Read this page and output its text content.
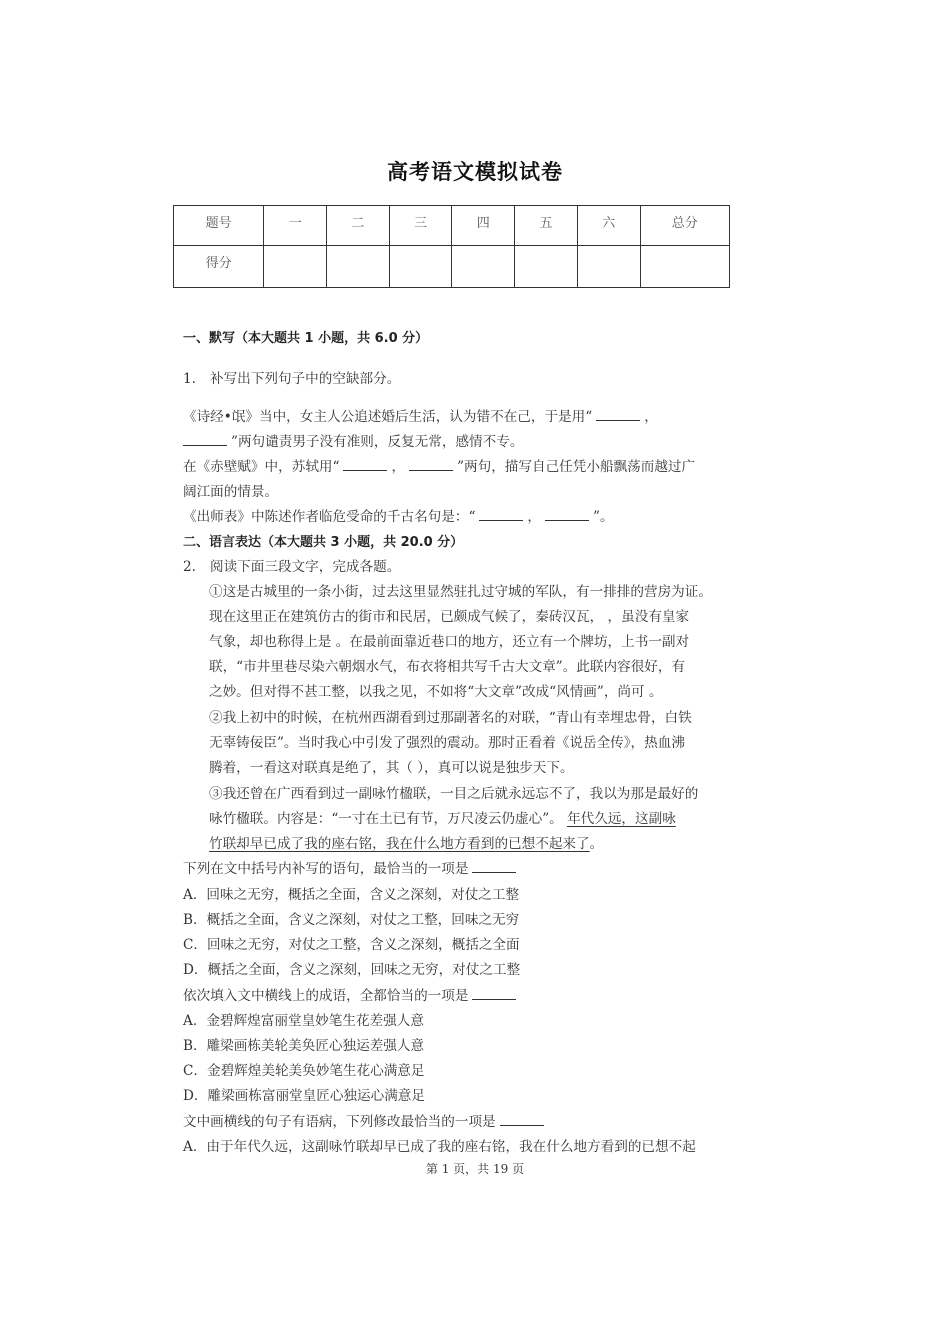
高考语文模拟试卷
题号	一	二	三	四	五	六	总分
得分							
一、默写（本大题共 1 小题，共 6.0 分）
1. 补写出下列句子中的空缺部分。
《诗经•氓》当中，女主人公追述婚后生活，认为错不在己，于是用“	，
”两句谴责男子没有准则，反复无常，感情不专。
在《赤壁赋》中，苏轼用“	，	”两句，描写自己任凭小船飘荡而越过广
阔江面的情景。
《出师表》中陈述作者临危受命的千古名句是：“	，	”。
二、语言表达（本大题共 3 小题，共 20.0 分）
2. 阅读下面三段文字，完成各题。
①这是古城里的一条小街，过去这里显然驻扎过守城的军队，有一排排的营房为证。
现在这里正在建筑仿古的街市和民居，已颇成气候了，秦砖汉瓦， ，虽没有皇家
气象，却也称得上是 。在最前面靠近巷口的地方，还立有一个牌坊，上书一副对
联，“市井里巷尽染六朝烟水气，布衣将相共写千古大文章”。此联内容很好，有
之妙。但对得不甚工整，以我之见，不如将“大文章”改成“风情画”，尚可 。
②我上初中的时候，在杭州西湖看到过那副著名的对联，“青山有幸埋忠骨，白铁
无辜铸佞臣”。当时我心中引发了强烈的震动。那时正看着《说岳全传》，热血沸
腾着，一看这对联真是绝了，其（ ），真可以说是独步天下。
③我还曾在广西看到过一副咏竹楹联，一目之后就永远忘不了，我以为那是最好的
咏竹楹联。内容是：“一寸在土已有节，万尺凌云仍虚心”。 年代久远，这副咏
竹联却早已成了我的座右铭，我在什么地方看到的已想不起来了。
下列在文中括号内补写的语句，最恰当的一项是
A．回味之无穷，概括之全面，含义之深刻，对仗之工整
B．概括之全面，含义之深刻，对仗之工整，回味之无穷
C．回味之无穷，对仗之工整，含义之深刻，概括之全面
D．概括之全面，含义之深刻，回味之无穷，对仗之工整
依次填入文中横线上的成语，全都恰当的一项是
A．金碧辉煌富丽堂皇妙笔生花差强人意
B．雕梁画栋美轮美奂匠心独运差强人意
C．金碧辉煌美轮美奂妙笔生花心满意足
D．雕梁画栋富丽堂皇匠心独运心满意足
文中画横线的句子有语病，下列修改最恰当的一项是
A．由于年代久远，这副咏竹联却早已成了我的座右铭，我在什么地方看到的已想不起
第 1 页，共 19 页
